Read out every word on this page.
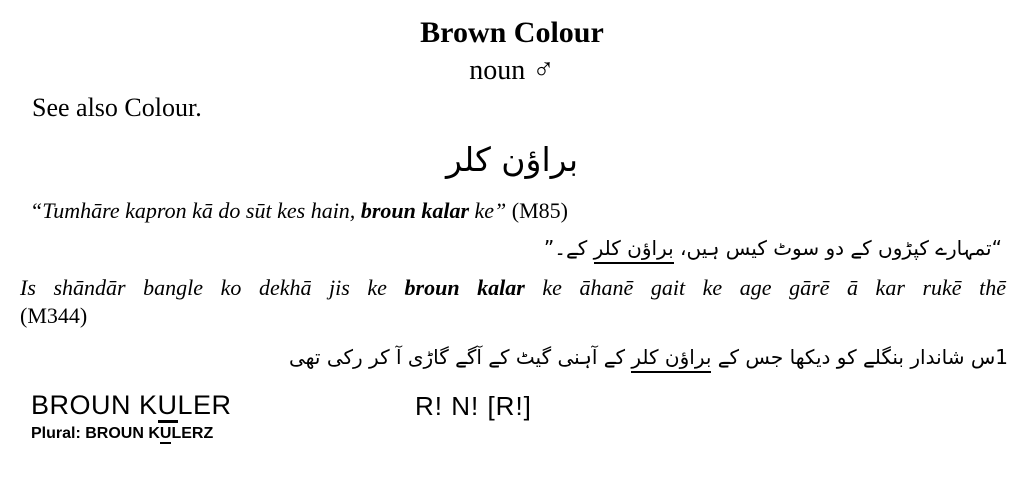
Brown Colour
noun ♂
See also Colour.
براؤن کلر
“Tumhāre kapron kā do sūt kes hain, broun kalar ke” (M85)
“تمہارے کپڑوں کے دو سوٹ کیس ہیں، براؤن کلر کے۔”
Is shāndār bangle ko dekhā jis ke broun kalar ke āhanē gait ke age gārē ā kar rukē thē
(M344)
1س شاندار بنگلے کو دیکھا جس کے براؤن کلر کے آہنی گیٹ کے آگے گاڑی آ کر رکی تھی
BROUN KULER	R! N! [R!]
Plural: BROUN KULERZ
